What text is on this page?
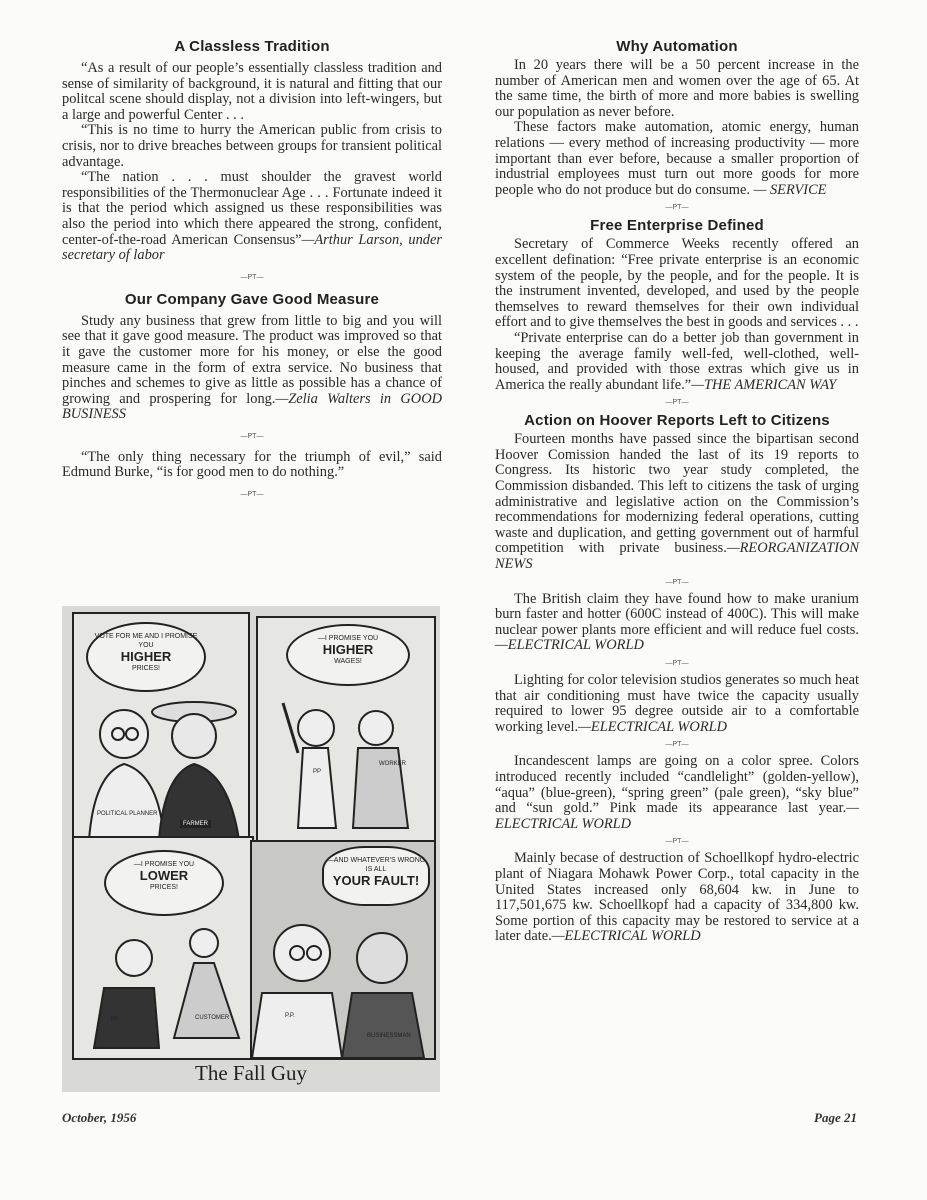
A Classless Tradition

“As a result of our people’s essentially classless tradition and sense of similarity of background, it is natural and fitting that our politcal scene should display, not a division into left-wingers, but a large and powerful Center . . .

“This is no time to hurry the American public from crisis to crisis, nor to drive breaches between groups for transient political advantage.

“The nation . . . must shoulder the gravest world responsibilities of the Thermonuclear Age . . . Fortunate indeed it is that the period which assigned us these responsibilities was also the period into which there appeared the strong, confident, center-of-the-road American Consensus”—Arthur Larson, under secretary of labor

—PT—
Our Company Gave Good Measure

Study any business that grew from little to big and you will see that it gave good measure. The product was improved so that it gave the customer more for his money, or else the good measure came in the form of extra service. No business that pinches and schemes to give as little as possible has a chance of growing and prospering for long.—Zelia Walters in GOOD BUSINESS

—PT—

“The only thing necessary for the triumph of evil,” said Edmund Burke, “is for good men to do nothing.”

—PT—
VOTE FOR ME AND I PROMISE YOU
HIGHER
PRICES!
POLITICAL PLANNER
FARMER
—I PROMISE YOU
HIGHER
WAGES!
WORKER
PP
—I PROMISE YOU
LOWER
PRICES!
PP	CUSTOMER
—AND WHATEVER'S WRONG IS ALL
YOUR FAULT!
BUSINESSMAN
P.P.
The Fall Guy
Why Automation

In 20 years there will be a 50 percent increase in the number of American men and women over the age of 65. At the same time, the birth of more and more babies is swelling our population as never before.

These factors make automation, atomic energy, human relations — every method of increasing productivity — more important than ever before, because a smaller proportion of industrial employees must turn out more goods for more people who do not produce but do consume. — SERVICE

—PT—
Free Enterprise Defined

Secretary of Commerce Weeks recently offered an excellent defination: “Free private enterprise is an economic system of the people, by the people, and for the people. It is the instrument invented, developed, and used by the people themselves to reward themselves for their own individual effort and to give themselves the best in goods and services . . .

“Private enterprise can do a better job than government in keeping the average family well-fed, well-clothed, well-housed, and provided with those extras which give us in America the really abundant life.”—THE AMERICAN WAY

—PT—
Action on Hoover Reports Left to Citizens

Fourteen months have passed since the bipartisan second Hoover Comission handed the last of its 19 reports to Congress. Its historic two year study completed, the Commission disbanded. This left to citizens the task of urging administrative and legislative action on the Commission’s recommendations for modernizing federal operations, cutting waste and duplication, and getting government out of harmful competition with private business.—REORGANIZATION NEWS

—PT—

The British claim they have found how to make uranium burn faster and hotter (600C instead of 400C). This will make nuclear power plants more efficient and will reduce fuel costs.—ELECTRICAL WORLD

—PT—

Lighting for color television studios generates so much heat that air conditioning must have twice the capacity usually required to lower 95 degree outside air to a comfortable working level.—ELECTRICAL WORLD

—PT—

Incandescent lamps are going on a color spree. Colors introduced recently included “candlelight” (golden-yellow), “aqua” (blue-green), “spring green” (pale green), “sky blue” and “sun gold.” Pink made its appearance last year.—ELECTRICAL WORLD

—PT—

Mainly becase of destruction of Schoellkopf hydro-electric plant of Niagara Mohawk Power Corp., total capacity in the United States increased only 68,604 kw. in June to 117,501,675 kw. Schoellkopf had a capacity of 334,800 kw. Some portion of this capacity may be restored to service at a later date.—ELECTRICAL WORLD

October, 1956	Page 21
